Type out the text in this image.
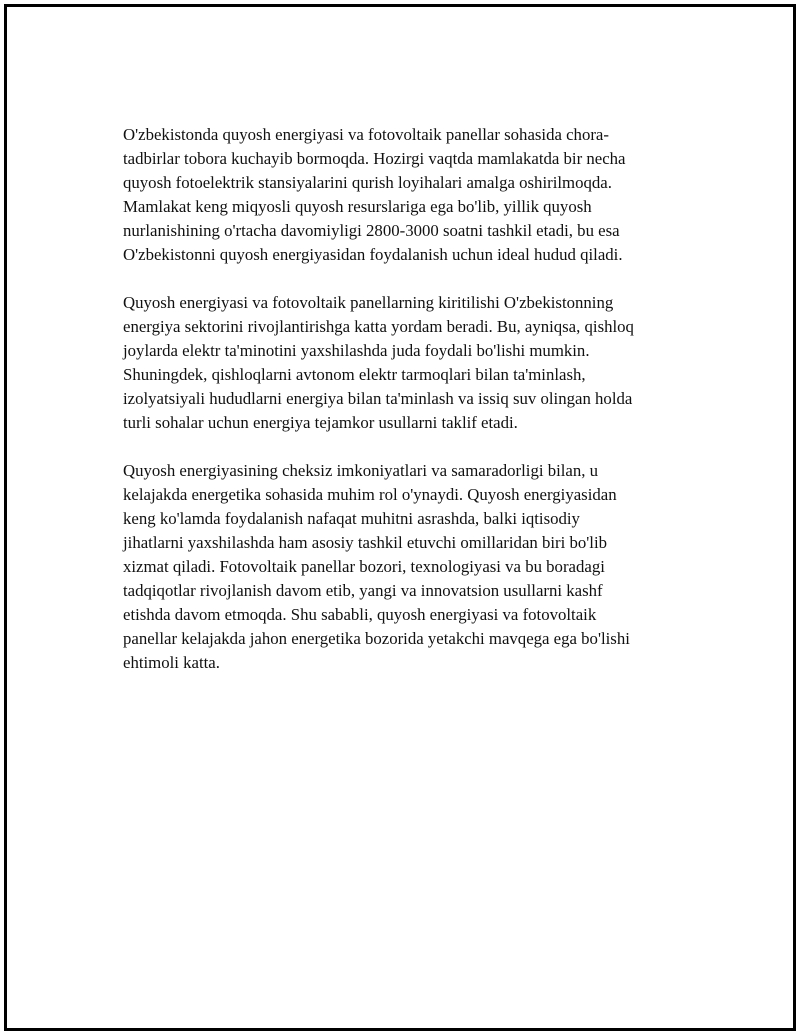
O'zbekistonda quyosh energiyasi va fotovoltaik panellar sohasida chora-
tadbirlar tobora kuchayib bormoqda. Hozirgi vaqtda mamlakatda bir necha
quyosh fotoelektrik stansiyalarini qurish loyihalari amalga oshirilmoqda.
Mamlakat keng miqyosli quyosh resurslariga ega bo'lib, yillik quyosh
nurlanishining o'rtacha davomiyligi 2800-3000 soatni tashkil etadi, bu esa
O'zbekistonni quyosh energiyasidan foydalanish uchun ideal hudud qiladi.

Quyosh energiyasi va fotovoltaik panellarning kiritilishi O'zbekistonning
energiya sektorini rivojlantirishga katta yordam beradi. Bu, ayniqsa, qishloq
joylarda elektr ta'minotini yaxshilashda juda foydali bo'lishi mumkin.
Shuningdek, qishloqlarni avtonom elektr tarmoqlari bilan ta'minlash,
izolyatsiyali hududlarni energiya bilan ta'minlash va issiq suv olingan holda
turli sohalar uchun energiya tejamkor usullarni taklif etadi.

Quyosh energiyasining cheksiz imkoniyatlari va samaradorligi bilan, u
kelajakda energetika sohasida muhim rol o'ynaydi. Quyosh energiyasidan
keng ko'lamda foydalanish nafaqat muhitni asrashda, balki iqtisodiy
jihatlarni yaxshilashda ham asosiy tashkil etuvchi omillaridan biri bo'lib
xizmat qiladi. Fotovoltaik panellar bozori, texnologiyasi va bu boradagi
tadqiqotlar rivojlanish davom etib, yangi va innovatsion usullarni kashf
etishda davom etmoqda. Shu sababli, quyosh energiyasi va fotovoltaik
panellar kelajakda jahon energetika bozorida yetakchi mavqega ega bo'lishi
ehtimoli katta.
